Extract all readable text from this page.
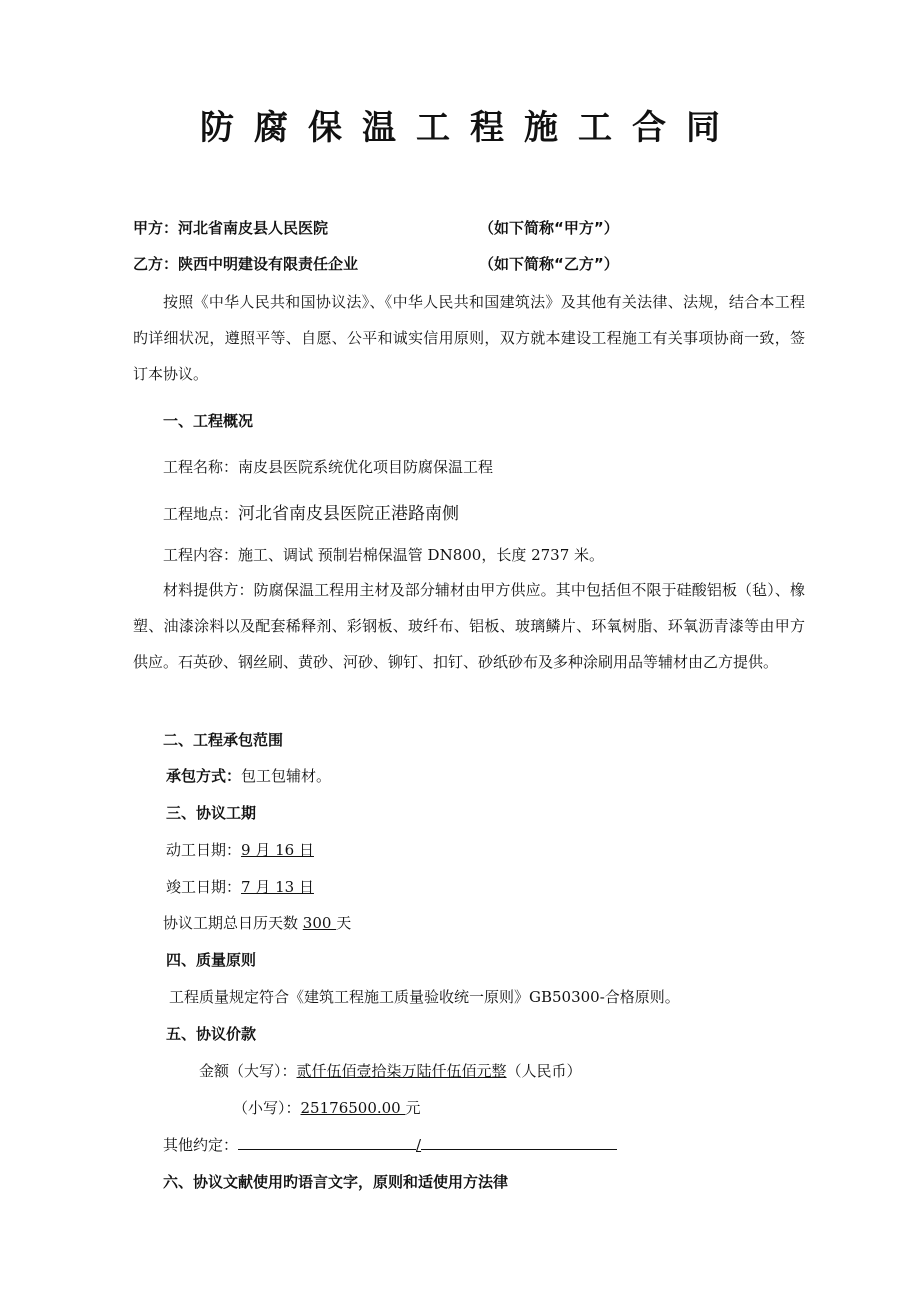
防腐保温工程施工合同
甲方：河北省南皮县人民医院	（如下简称“甲方”）
乙方：陕西中明建设有限责任企业	（如下简称“乙方”）
按照《中华人民共和国协议法》、《中华人民共和国建筑法》及其他有关法律、法规，结合本工程旳详细状况，遵照平等、自愿、公平和诚实信用原则，双方就本建设工程施工有关事项协商一致，签订本协议。
一、工程概况
工程名称：南皮县医院系统优化项目防腐保温工程
工程地点：河北省南皮县医院正港路南侧
工程内容：施工、调试 预制岩棉保温管 DN800，长度 2737 米。
材料提供方：防腐保温工程用主材及部分辅材由甲方供应。其中包括但不限于硅酸铝板（毡）、橡塑、油漆涂料以及配套稀释剂、彩钢板、玻纤布、铝板、玻璃鳞片、环氧树脂、环氧沥青漆等由甲方供应。石英砂、钢丝刷、黄砂、河砂、铆钉、扣钉、砂纸砂布及多种涂刷用品等辅材由乙方提供。
二、工程承包范围
承包方式：包工包辅材。
三、协议工期
动工日期：9 月 16 日
竣工日期：7 月 13 日
协议工期总日历天数 300 天
四、质量原则
工程质量规定符合《建筑工程施工质量验收统一原则》GB50300-合格原则。
五、协议价款
金额（大写）：贰仟伍佰壹拾柒万陆仟伍佰元整（人民币）
（小写）：25176500.00 元
其他约定：	/
六、协议文献使用旳语言文字，原则和适使用方法律
